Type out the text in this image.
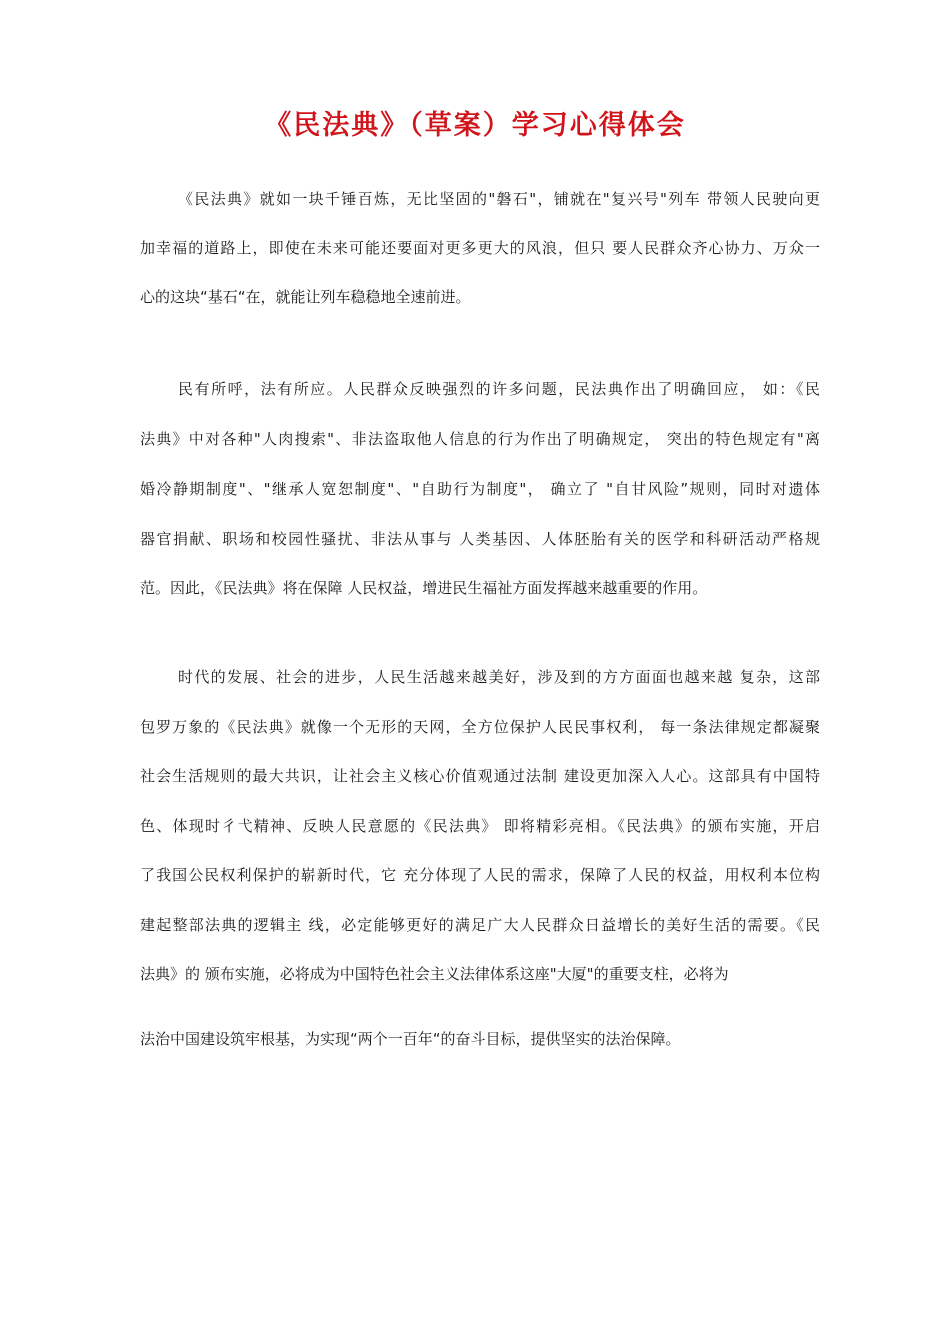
《民法典》（草案）学习心得体会
《民法典》就如一块千锤百炼，无比坚固的"磐石"，铺就在"复兴号"列车 带领人民驶向更
加幸福的道路上，即使在未来可能还要面对更多更大的风浪，但只 要人民群众齐心协力、万众一
心的这块“基石“在，就能让列车稳稳地全速前进。
民有所呼，法有所应。人民群众反映强烈的许多问题，民法典作出了明确回应， 如：《民
法典》中对各种"人肉搜索"、非法盗取他人信息的行为作出了明确规定， 突出的特色规定有"离
婚冷静期制度"、"继承人宽恕制度"、"自助行为制度"， 确立了 "自甘风险”规则，同时对遗体
器官捐献、职场和校园性骚扰、非法从事与 人类基因、人体胚胎有关的医学和科研活动严格规
范。因此，《民法典》将在保障 人民权益，增进民生福祉方面发挥越来越重要的作用。
时代的发展、社会的进步，人民生活越来越美好，涉及到的方方面面也越来越 复杂，这部
包罗万象的《民法典》就像一个无形的天网，全方位保护人民民事权利， 每一条法律规定都凝聚
社会生活规则的最大共识，让社会主义核心价值观通过法制 建设更加深入人心。这部具有中国特
色、体现时彳弋精神、反映人民意愿的《民法典》 即将精彩亮相。《民法典》的颁布实施，开启
了我国公民权利保护的崭新时代，它 充分体现了人民的需求，保障了人民的权益，用权利本位构
建起整部法典的逻辑主 线，必定能够更好的满足广大人民群众日益增长的美好生活的需要。《民
法典》的 颁布实施，必将成为中国特色社会主义法律体系这座"大厦"的重要支柱，必将为
法治中国建设筑牢根基，为实现“两个一百年“的奋斗目标，提供坚实的法治保障。
